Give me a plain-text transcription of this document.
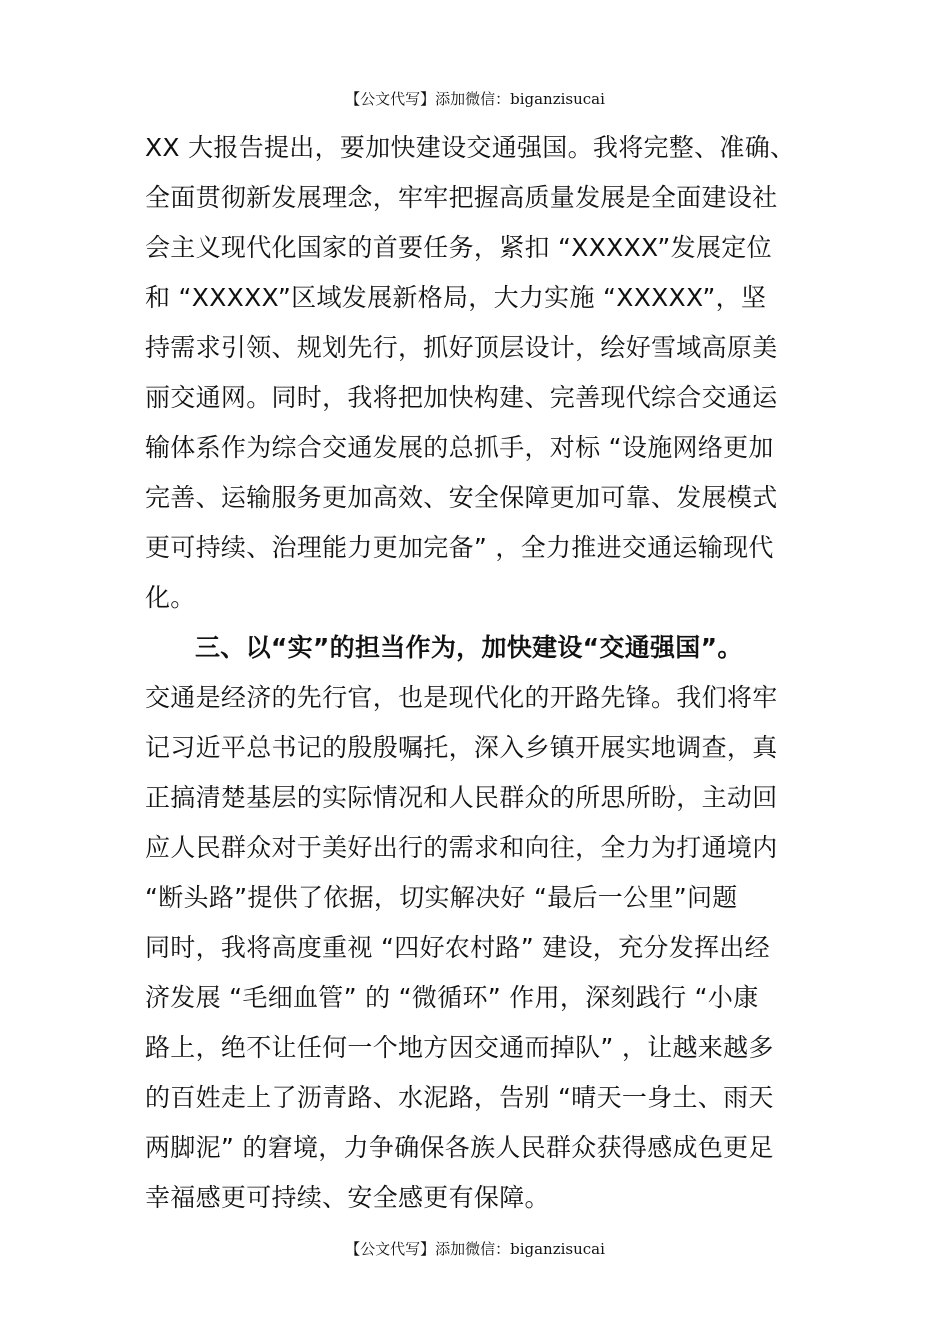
【公文代写】添加微信：biganzisucai
XX 大报告提出，要加快建设交通强国。我将完整、准确、
全面贯彻新发展理念，牢牢把握高质量发展是全面建设社
会主义现代化国家的首要任务，紧扣 “XXXXX”发展定位
和 “XXXXX”区域发展新格局，大力实施 “XXXXX”，坚
持需求引领、规划先行，抓好顶层设计，绘好雪域高原美
丽交通网。同时，我将把加快构建、完善现代综合交通运
输体系作为综合交通发展的总抓手，对标 “设施网络更加
完善、运输服务更加高效、安全保障更加可靠、发展模式
更可持续、治理能力更加完备” ，全力推进交通运输现代
化。
三、以“实”的担当作为，加快建设“交通强国”。
交通是经济的先行官，也是现代化的开路先锋。我们将牢
记习近平总书记的殷殷嘱托，深入乡镇开展实地调查，真
正搞清楚基层的实际情况和人民群众的所思所盼，主动回
应人民群众对于美好出行的需求和向往，全力为打通境内
“断头路”提供了依据，切实解决好 “最后一公里”问题
同时，我将高度重视 “四好农村路” 建设，充分发挥出经
济发展 “毛细血管” 的 “微循环” 作用，深刻践行 “小康
路上，绝不让任何一个地方因交通而掉队” ，让越来越多
的百姓走上了沥青路、水泥路，告别 “晴天一身土、雨天
两脚泥” 的窘境，力争确保各族人民群众获得感成色更足
幸福感更可持续、安全感更有保障。
【公文代写】添加微信：biganzisucai
